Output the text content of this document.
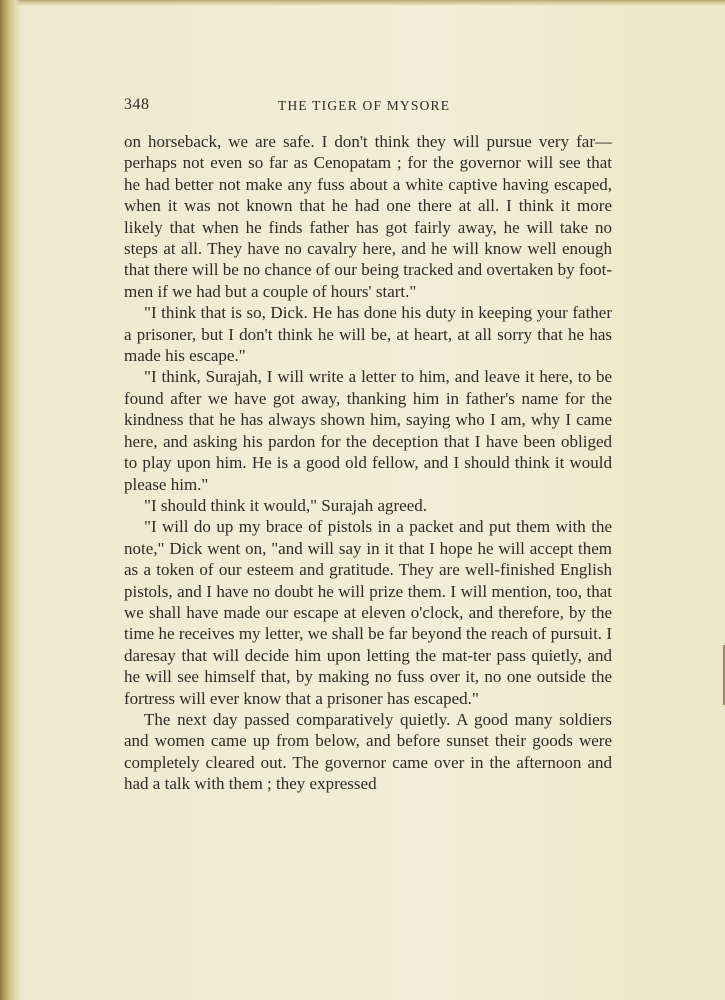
348	THE TIGER OF MYSORE

on horseback, we are safe. I don't think they will pursue very far—perhaps not even so far as Cenopatam ; for the governor will see that he had better not make any fuss about a white captive having escaped, when it was not known that he had one there at all. I think it more likely that when he finds father has got fairly away, he will take no steps at all. They have no cavalry here, and he will know well enough that there will be no chance of our being tracked and overtaken by foot-men if we had but a couple of hours' start."

"I think that is so, Dick. He has done his duty in keeping your father a prisoner, but I don't think he will be, at heart, at all sorry that he has made his escape."

"I think, Surajah, I will write a letter to him, and leave it here, to be found after we have got away, thanking him in father's name for the kindness that he has always shown him, saying who I am, why I came here, and asking his pardon for the deception that I have been obliged to play upon him. He is a good old fellow, and I should think it would please him."

"I should think it would," Surajah agreed.

"I will do up my brace of pistols in a packet and put them with the note," Dick went on, "and will say in it that I hope he will accept them as a token of our esteem and gratitude. They are well-finished English pistols, and I have no doubt he will prize them. I will mention, too, that we shall have made our escape at eleven o'clock, and therefore, by the time he receives my letter, we shall be far beyond the reach of pursuit. I daresay that will decide him upon letting the mat-ter pass quietly, and he will see himself that, by making no fuss over it, no one outside the fortress will ever know that a prisoner has escaped."

The next day passed comparatively quietly. A good many soldiers and women came up from below, and before sunset their goods were completely cleared out. The governor came over in the afternoon and had a talk with them ; they expressed
